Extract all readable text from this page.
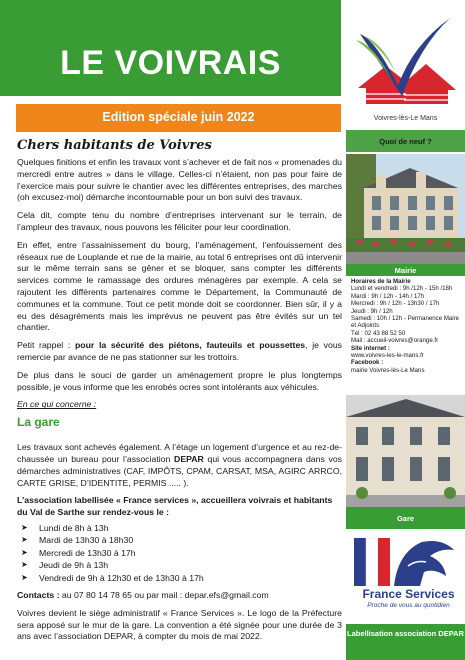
LE VOIVRAIS
Edition spéciale juin 2022
Chers habitants de Voivres
Quelques finitions et enfin les travaux vont s’achever et de fait nos « promenades du mercredi entre autres » dans le village. Celles-ci n’étaient, non pas pour faire de l’exercice mais pour suivre le chantier avec les différentes entreprises, des marches (oh excusez-moi) démarche incontournable pour un bon suivi des travaux.
Cela dit, compte tenu du nombre d’entreprises intervenant sur le terrain, de l’ampleur des travaux, nous pouvons les féliciter pour leur coordination.
En effet, entre l’assainissement du bourg, l’aménagement, l’enfouissement des réseaux rue de Louplande et rue de la mairie, au total 6 entreprises ont dû intervenir sur le même terrain sans se gêner et se bloquer, sans compter les différents services comme le ramassage des ordures ménagères par exemple. A cela se rajoutent les différents partenaires comme le Département, la Communauté de communes et la commune. Tout ce petit monde doit se coordonner. Bien sûr, il y a eu des désagréments mais les imprévus ne peuvent pas être évités sur un tel chantier.
Petit rappel : pour la sécurité des piétons, fauteuils et poussettes, je vous remercie par avance de ne pas stationner sur les trottoirs.
De plus dans le souci de garder un aménagement propre le plus longtemps possible, je vous informe que les enrobés ocres sont intolérants aux véhicules.
En ce qui concerne :
La gare
Les travaux sont achevés également. A l’étage un logement d’urgence et au rez-de-chaussée un bureau pour l’association DEPAR qui vous accompagnera dans vos démarches administratives (CAF, IMPÔTS, CPAM, CARSAT, MSA, AGIRC ARRCO, CARTE GRISE, D’IDENTITE, PERMIS ..... ).
L’association labellisée « France services », accueillera voivrais et habitants du Val de Sarthe sur rendez-vous le :
➤ Lundi de 8h à 13h
➤ Mardi de 13h30 à 18h30
➤ Mercredi de 13h30 à 17h
➤ Jeudi de 9h à 13h
➤ Vendredi de 9h à 12h30 et de 13h30 à 17h
Contacts : au 07 80 14 78 65 ou par mail : depar.efs@gmail.com
Voivres devient le siège administratif « France Services ». Le logo de la Préfecture sera apposé sur le mur de la gare. La convention a été signée pour une durée de 3 ans avec l’association DEPAR, à compter du mois de mai 2022.
Voivres-lès-Le Mans
Quoi de neuf ?
Mairie
Horaires de la Mairie
Lundi et vendredi : 9h /12h - 15h /18h
Mardi : 9h / 12h - 14h / 17h
Mercredi : 9h / 12h - 13h30 / 17h
Jeudi : 9h / 12h
Samedi : 10h / 12h - Permanence Maire et Adjoints
Tél : 02 43 88 52 50
Mail : accueil-voivres@orange.fr
Site internet :
www.voivres-les-le-mans.fr
Facebook :
mairie Voivres-lès-Le Mans
Gare
France Services
Proche de vous au quotidien
Labellisation association DEPAR
